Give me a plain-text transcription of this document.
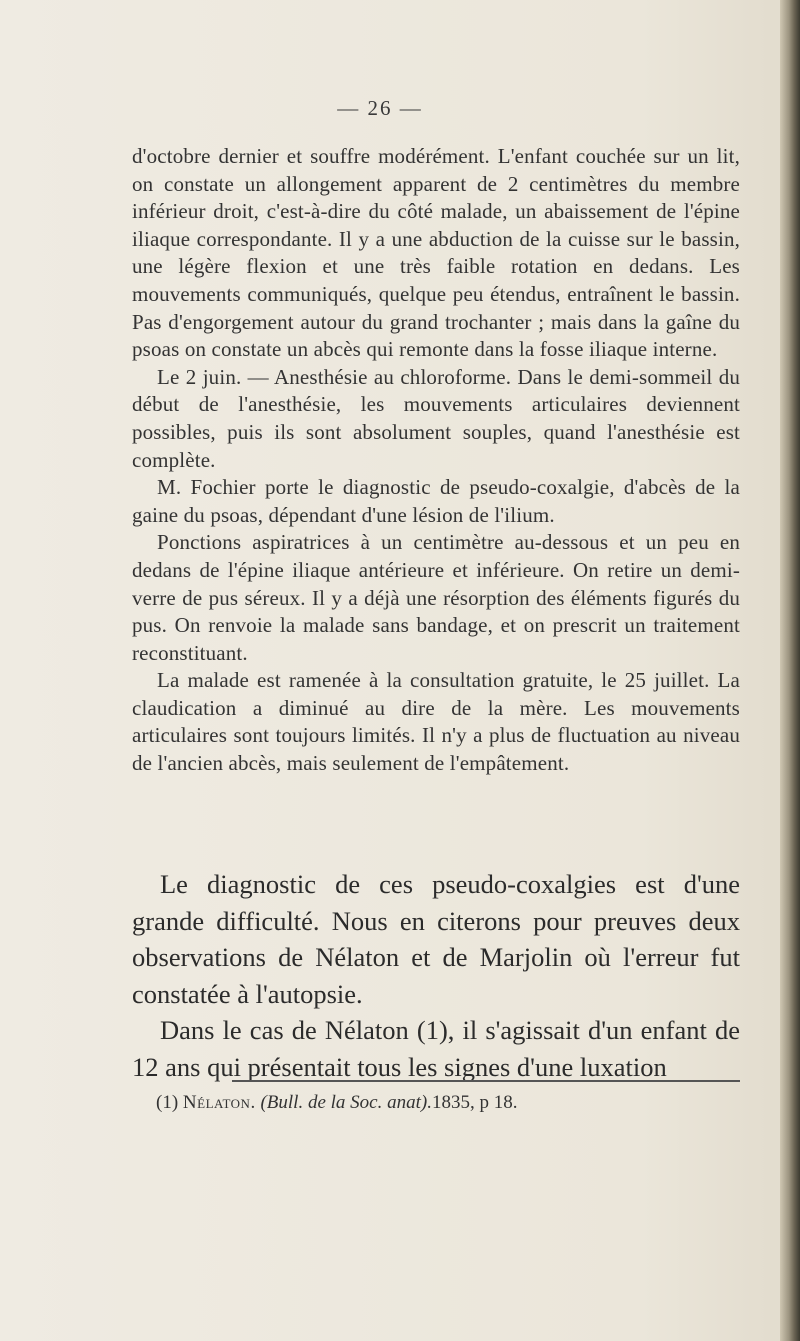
— 26 —

d'octobre dernier et souffre modérément. L'enfant couchée sur un lit, on constate un allongement apparent de 2 centimètres du membre inférieur droit, c'est-à-dire du côté malade, un abaissement de l'épine iliaque correspondante. Il y a une abduction de la cuisse sur le bassin, une légère flexion et une très faible rotation en dedans. Les mouvements communiqués, quelque peu étendus, entraînent le bassin. Pas d'engorgement autour du grand trochanter ; mais dans la gaîne du psoas on constate un abcès qui remonte dans la fosse iliaque interne.

Le 2 juin. — Anesthésie au chloroforme. Dans le demi-sommeil du début de l'anesthésie, les mouvements articulaires deviennent possibles, puis ils sont absolument souples, quand l'anesthésie est complète.

M. Fochier porte le diagnostic de pseudo-coxalgie, d'abcès de la gaine du psoas, dépendant d'une lésion de l'ilium.

Ponctions aspiratrices à un centimètre au-dessous et un peu en dedans de l'épine iliaque antérieure et inférieure. On retire un demi-verre de pus séreux. Il y a déjà une résorption des éléments figurés du pus. On renvoie la malade sans bandage, et on prescrit un traitement reconstituant.

La malade est ramenée à la consultation gratuite, le 25 juillet. La claudication a diminué au dire de la mère. Les mouvements articulaires sont toujours limités. Il n'y a plus de fluctuation au niveau de l'ancien abcès, mais seulement de l'empâtement.

Le diagnostic de ces pseudo-coxalgies est d'une grande difficulté. Nous en citerons pour preuves deux observations de Nélaton et de Marjolin où l'erreur fut constatée à l'autopsie.

Dans le cas de Nélaton (1), il s'agissait d'un enfant de 12 ans qui présentait tous les signes d'une luxation

(1) Nélaton. (Bull. de la Soc. anat).1835, p 18.
